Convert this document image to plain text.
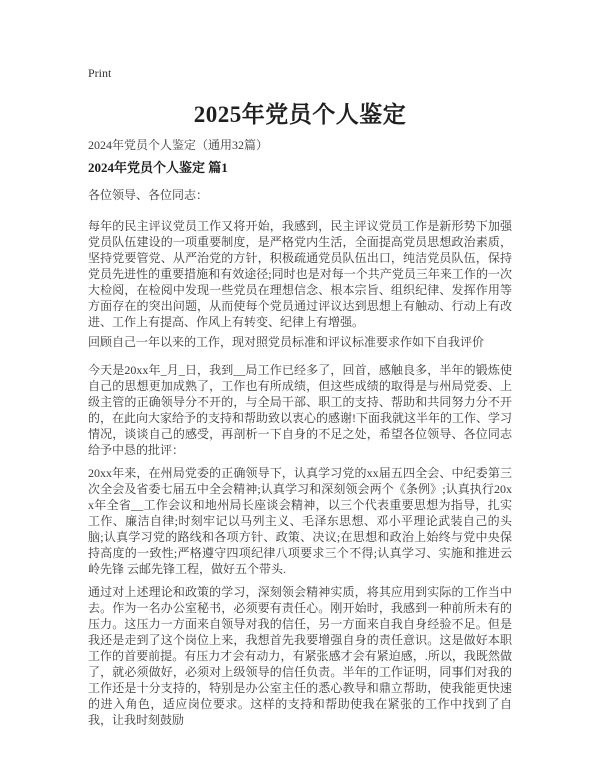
Print
2025年党员个人鉴定

2024年党员个人鉴定（通用32篇）

2024年党员个人鉴定 篇1

各位领导、各位同志：

每年的民主评议党员工作又将开始，我感到，民主评议党员工作是新形势下加强党员队伍建设的一项重要制度，是严格党内生活，全面提高党员思想政治素质，坚持党要管党、从严治党的方针，积极疏通党员队伍出口，纯洁党员队伍，保持党员先进性的重要措施和有效途径;同时也是对每一个共产党员三年来工作的一次大检阅，在检阅中发现一些党员在理想信念、根本宗旨、组织纪律、发挥作用等方面存在的突出问题，从而使每个党员通过评议达到思想上有触动、行动上有改进、工作上有提高、作风上有转变、纪律上有增强。

回顾自己一年以来的工作，现对照党员标准和评议标准要求作如下自我评价

今天是20xx年_月_日，我到__局工作已经多了，回首，感触良多，半年的锻炼使自己的思想更加成熟了，工作也有所成绩，但这些成绩的取得是与州局党委、上级主管的正确领导分不开的，与全局干部、职工的支持、帮助和共同努力分不开的，在此向大家给予的支持和帮助致以衷心的感谢!下面我就这半年的工作、学习情况，谈谈自己的感受，再剖析一下自身的不足之处，希望各位领导、各位同志给予中恳的批评：

20xx年来，在州局党委的正确领导下，认真学习党的xx届五四全会、中纪委第三次全会及省委七届五中全会精神;认真学习和深刻领会两个《条例》;认真执行20xx年全省__工作会议和地州局长座谈会精神，以三个代表重要思想为指导，扎实工作、廉洁自律;时刻牢记以马列主义、毛泽东思想、邓小平理论武装自己的头脑;认真学习党的路线和各项方针、政策、决议;在思想和政治上始终与党中央保持高度的一致性;严格遵守四项纪律八项要求三个不得;认真学习、实施和推进云岭先锋 云邮先锋工程，做好五个带头.

通过对上述理论和政策的学习，深刻领会精神实质，将其应用到实际的工作当中去。作为一名办公室秘书，必须要有责任心。刚开始时，我感到一种前所未有的压力。这压力一方面来自领导对我的信任，另一方面来自我自身经验不足。但是我还是走到了这个岗位上来，我想首先我要增强自身的责任意识。这是做好本职工作的首要前提。有压力才会有动力，有紧张感才会有紧迫感，.所以，我既然做了，就必须做好，必须对上级领导的信任负责。半年的工作证明，同事们对我的工作还是十分支持的，特别是办公室主任的悉心教导和鼎立帮助，使我能更快速的进入角色，适应岗位要求。这样的支持和帮助使我在紧张的工作中找到了自我，让我时刻鼓励
